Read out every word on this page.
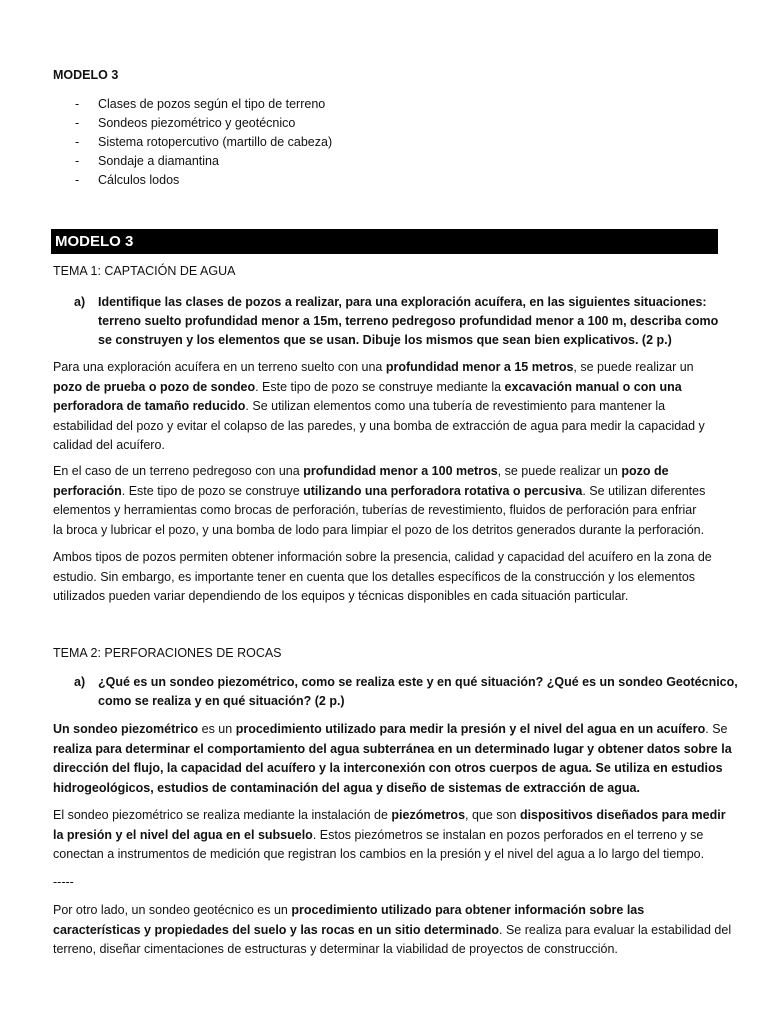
MODELO 3
- Clases de pozos según el tipo de terreno
- Sondeos piezométrico y geotécnico
- Sistema rotopercutivo (martillo de cabeza)
- Sondaje a diamantina
- Cálculos lodos
MODELO 3
TEMA 1: CAPTACIÓN DE AGUA
a) Identifique las clases de pozos a realizar, para una exploración acuífera, en las siguientes situaciones:
terreno suelto profundidad menor a 15m, terreno pedregoso profundidad menor a 100 m, describa como
se construyen y los elementos que se usan. Dibuje los mismos que sean bien explicativos. (2 p.)
Para una exploración acuífera en un terreno suelto con una profundidad menor a 15 metros, se puede realizar un
pozo de prueba o pozo de sondeo. Este tipo de pozo se construye mediante la excavación manual o con una
perforadora de tamaño reducido. Se utilizan elementos como una tubería de revestimiento para mantener la
estabilidad del pozo y evitar el colapso de las paredes, y una bomba de extracción de agua para medir la capacidad y
calidad del acuífero.
En el caso de un terreno pedregoso con una profundidad menor a 100 metros, se puede realizar un pozo de
perforación. Este tipo de pozo se construye utilizando una perforadora rotativa o percusiva. Se utilizan diferentes
elementos y herramientas como brocas de perforación, tuberías de revestimiento, fluidos de perforación para enfriar
la broca y lubricar el pozo, y una bomba de lodo para limpiar el pozo de los detritos generados durante la perforación.
Ambos tipos de pozos permiten obtener información sobre la presencia, calidad y capacidad del acuífero en la zona de
estudio. Sin embargo, es importante tener en cuenta que los detalles específicos de la construcción y los elementos
utilizados pueden variar dependiendo de los equipos y técnicas disponibles en cada situación particular.
TEMA 2: PERFORACIONES DE ROCAS
a) ¿Qué es un sondeo piezométrico, como se realiza este y en qué situación? ¿Qué es un sondeo Geotécnico,
como se realiza y en qué situación? (2 p.)
Un sondeo piezométrico es un procedimiento utilizado para medir la presión y el nivel del agua en un acuífero. Se
realiza para determinar el comportamiento del agua subterránea en un determinado lugar y obtener datos sobre la
dirección del flujo, la capacidad del acuífero y la interconexión con otros cuerpos de agua. Se utiliza en estudios
hidrogeológicos, estudios de contaminación del agua y diseño de sistemas de extracción de agua.
El sondeo piezométrico se realiza mediante la instalación de piezómetros, que son dispositivos diseñados para medir
la presión y el nivel del agua en el subsuelo. Estos piezómetros se instalan en pozos perforados en el terreno y se
conectan a instrumentos de medición que registran los cambios en la presión y el nivel del agua a lo largo del tiempo.
-----
Por otro lado, un sondeo geotécnico es un procedimiento utilizado para obtener información sobre las
características y propiedades del suelo y las rocas en un sitio determinado. Se realiza para evaluar la estabilidad del
terreno, diseñar cimentaciones de estructuras y determinar la viabilidad de proyectos de construcción.
